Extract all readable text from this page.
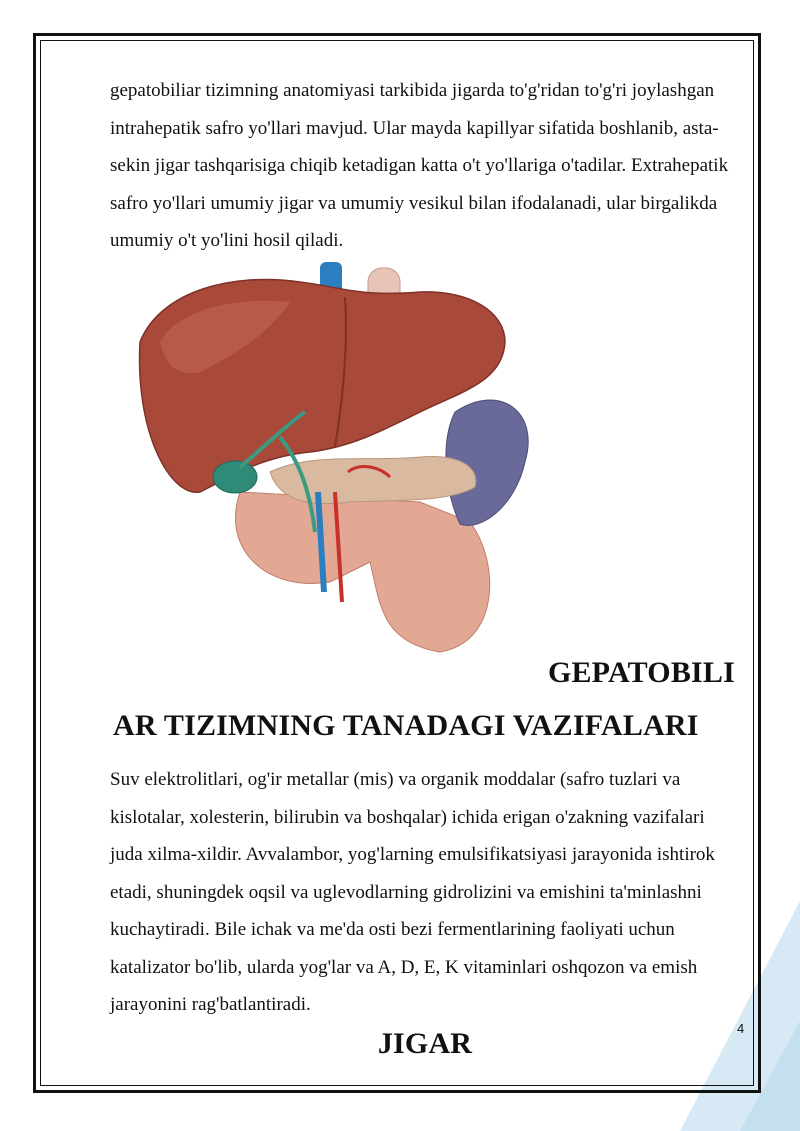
gepatobiliar tizimning anatomiyasi tarkibida jigarda to'g'ridan to'g'ri joylashgan intrahepatik safro yo'llari mavjud. Ular mayda kapillyar sifatida boshlanib, asta-sekin jigar tashqarisiga chiqib ketadigan katta o't yo'llariga o'tadilar. Extrahepatik safro yo'llari umumiy jigar va umumiy vesikul bilan ifodalanadi, ular birgalikda umumiy o't yo'lini hosil qiladi.

GEPATOBILI
AR TIZIMNING TANADAGI VAZIFALARI

Suv elektrolitlari, og'ir metallar (mis) va organik moddalar (safro tuzlari va kislotalar, xolesterin, bilirubin va boshqalar) ichida erigan o'zakning vazifalari juda xilma-xildir. Avvalambor, yog'larning emulsifikatsiyasi jarayonida ishtirok etadi, shuningdek oqsil va uglevodlarning gidrolizini va emishini ta'minlashni kuchaytiradi. Bile ichak va me'da osti bezi fermentlarining faoliyati uchun katalizator bo'lib, ularda yog'lar va A, D, E, K vitaminlari oshqozon va emish jarayonini rag'batlantiradi.

4
JIGAR
